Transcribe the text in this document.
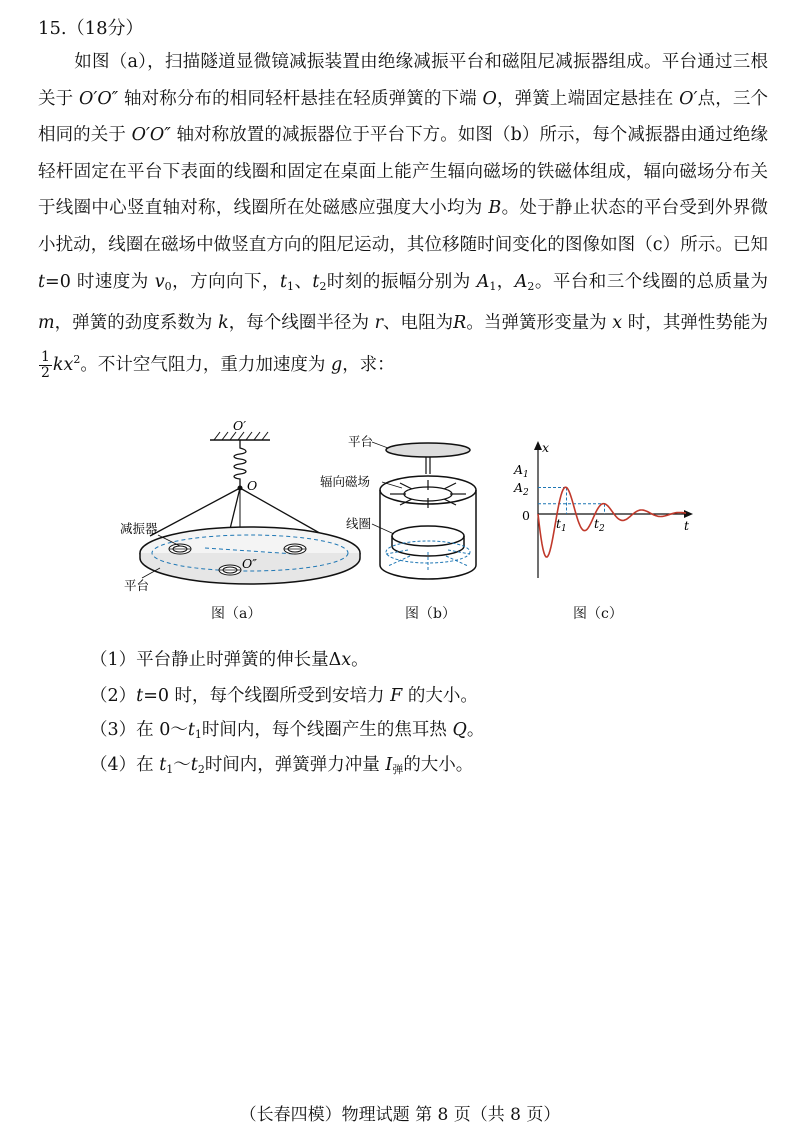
15.（18分）
如图（a），扫描隧道显微镜减振装置由绝缘减振平台和磁阻尼减振器组成。平台通过三根关于 O′O″ 轴对称分布的相同轻杆悬挂在轻质弹簧的下端 O，弹簧上端固定悬挂在 O′点，三个相同的关于 O′O″ 轴对称放置的减振器位于平台下方。如图（b）所示，每个减振器由通过绝缘轻杆固定在平台下表面的线圈和固定在桌面上能产生辐向磁场的铁磁体组成，辐向磁场分布关于线圈中心竖直轴对称，线圈所在处磁感应强度大小均为 B。处于静止状态的平台受到外界微小扰动，线圈在磁场中做竖直方向的阻尼运动，其位移随时间变化的图像如图（c）所示。已知 t=0 时速度为 $v_0$，方向向下，$t_1$、$t_2$时刻的振幅分别为 $A_1$，$A_2$。平台和三个线圈的总质量为 m，弹簧的劲度系数为 k，每个线圈半径为 r、电阻为R。当弹簧形变量为 x 时，其弹性势能为
$\frac{1}{2} kx^2$。不计空气阻力，重力加速度为 g，求：
O′
O
O″
减振器
平台
图（a）
平台
辐向磁场
线圈
图（b）
x
t
0
$A_1$
$A_2$
$t_1$ $t_2$
图（c）
（1）平台静止时弹簧的伸长量Δx。
（2）t=0 时，每个线圈所受到安培力 F 的大小。
（3）在 $0\sim t_1$时间内，每个线圈产生的焦耳热 Q。
（4）在 $t_1\sim t_2$时间内，弹簧弹力冲量 $I_弹$的大小。
（长春四模）物理试题 第 8 页（共 8 页）
